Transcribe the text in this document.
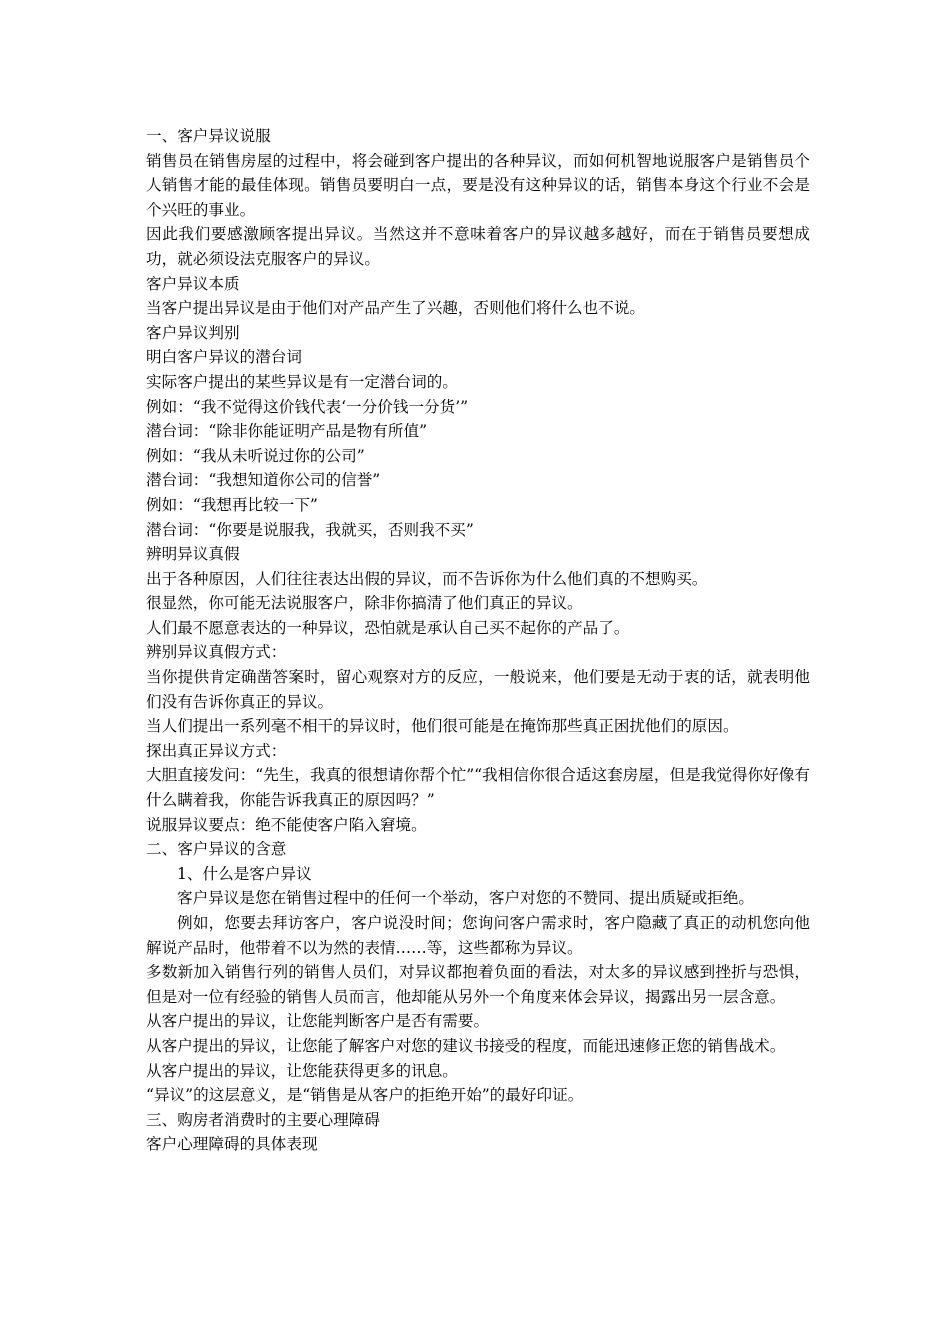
一、客户异议说服

销售员在销售房屋的过程中，将会碰到客户提出的各种异议，而如何机智地说服客户是销售员个人销售才能的最佳体现。销售员要明白一点，要是没有这种异议的话，销售本身这个行业不会是个兴旺的事业。

因此我们要感激顾客提出异议。当然这并不意味着客户的异议越多越好，而在于销售员要想成功，就必须设法克服客户的异议。

客户异议本质

当客户提出异议是由于他们对产品产生了兴趣，否则他们将什么也不说。

客户异议判别

明白客户异议的潜台词

实际客户提出的某些异议是有一定潜台词的。

例如：“我不觉得这价钱代表‘一分价钱一分货’”

潜台词：“除非你能证明产品是物有所值”

例如：“我从未听说过你的公司”

潜台词：“我想知道你公司的信誉”

例如：“我想再比较一下”

潜台词：“你要是说服我，我就买，否则我不买”

辨明异议真假

出于各种原因，人们往往表达出假的异议，而不告诉你为什么他们真的不想购买。

很显然，你可能无法说服客户，除非你搞清了他们真正的异议。

人们最不愿意表达的一种异议，恐怕就是承认自己买不起你的产品了。

辨别异议真假方式：

当你提供肯定确凿答案时，留心观察对方的反应，一般说来，他们要是无动于衷的话，就表明他们没有告诉你真正的异议。

当人们提出一系列毫不相干的异议时，他们很可能是在掩饰那些真正困扰他们的原因。

探出真正异议方式：

大胆直接发问：“先生，我真的很想请你帮个忙”“我相信你很合适这套房屋，但是我觉得你好像有什么瞒着我，你能告诉我真正的原因吗？”

说服异议要点：绝不能使客户陷入窘境。

二、客户异议的含意

1、什么是客户异议

客户异议是您在销售过程中的任何一个举动，客户对您的不赞同、提出质疑或拒绝。

例如，您要去拜访客户，客户说没时间；您询问客户需求时，客户隐藏了真正的动机您向他解说产品时，他带着不以为然的表情……等，这些都称为异议。

多数新加入销售行列的销售人员们，对异议都抱着负面的看法，对太多的异议感到挫折与恐惧，但是对一位有经验的销售人员而言，他却能从另外一个角度来体会异议，揭露出另一层含意。

从客户提出的异议，让您能判断客户是否有需要。

从客户提出的异议，让您能了解客户对您的建议书接受的程度，而能迅速修正您的销售战术。

从客户提出的异议，让您能获得更多的讯息。

“异议”的这层意义，是“销售是从客户的拒绝开始”的最好印证。

三、购房者消费时的主要心理障碍

客户心理障碍的具体表现
